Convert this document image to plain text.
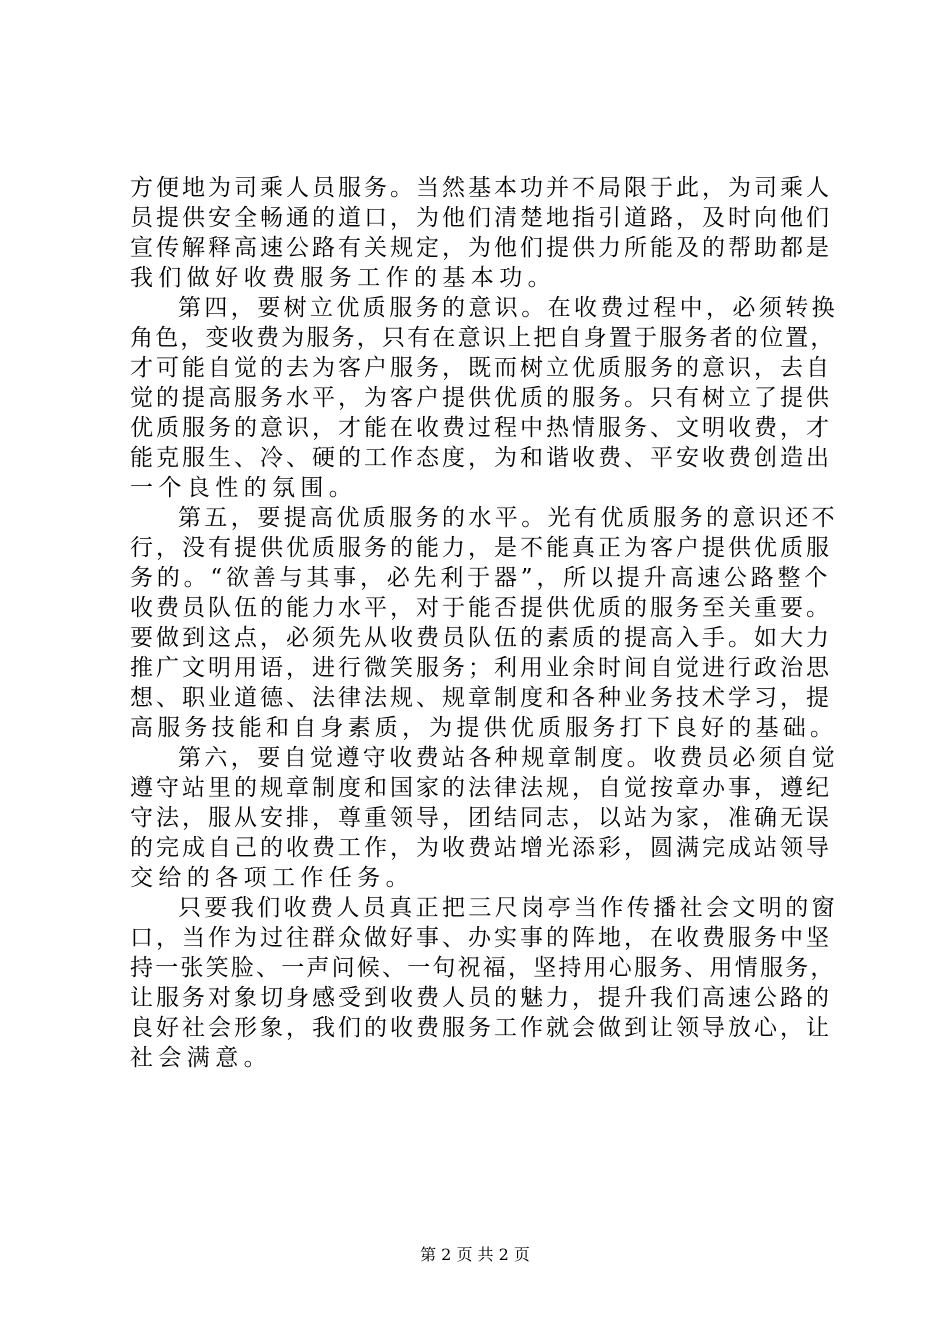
方便地为司乘人员服务。当然基本功并不局限于此，为司乘人
员提供安全畅通的道口，为他们清楚地指引道路，及时向他们
宣传解释高速公路有关规定，为他们提供力所能及的帮助都是
我们做好收费服务工作的基本功。
第四，要树立优质服务的意识。在收费过程中，必须转换
角色，变收费为服务，只有在意识上把自身置于服务者的位置，
才可能自觉的去为客户服务，既而树立优质服务的意识，去自
觉的提高服务水平，为客户提供优质的服务。只有树立了提供
优质服务的意识，才能在收费过程中热情服务、文明收费，才
能克服生、冷、硬的工作态度，为和谐收费、平安收费创造出
一个良性的氛围。
第五，要提高优质服务的水平。光有优质服务的意识还不
行，没有提供优质服务的能力，是不能真正为客户提供优质服
务的。“欲善与其事，必先利于器”，所以提升高速公路整个
收费员队伍的能力水平，对于能否提供优质的服务至关重要。
要做到这点，必须先从收费员队伍的素质的提高入手。如大力
推广文明用语，进行微笑服务；利用业余时间自觉进行政治思
想、职业道德、法律法规、规章制度和各种业务技术学习，提
高服务技能和自身素质，为提供优质服务打下良好的基础。
第六，要自觉遵守收费站各种规章制度。收费员必须自觉
遵守站里的规章制度和国家的法律法规，自觉按章办事，遵纪
守法，服从安排，尊重领导，团结同志，以站为家，准确无误
的完成自己的收费工作，为收费站增光添彩，圆满完成站领导
交给的各项工作任务。
只要我们收费人员真正把三尺岗亭当作传播社会文明的窗
口，当作为过往群众做好事、办实事的阵地，在收费服务中坚
持一张笑脸、一声问候、一句祝福，坚持用心服务、用情服务，
让服务对象切身感受到收费人员的魅力，提升我们高速公路的
良好社会形象，我们的收费服务工作就会做到让领导放心，让
社会满意。
第 2 页 共 2 页
